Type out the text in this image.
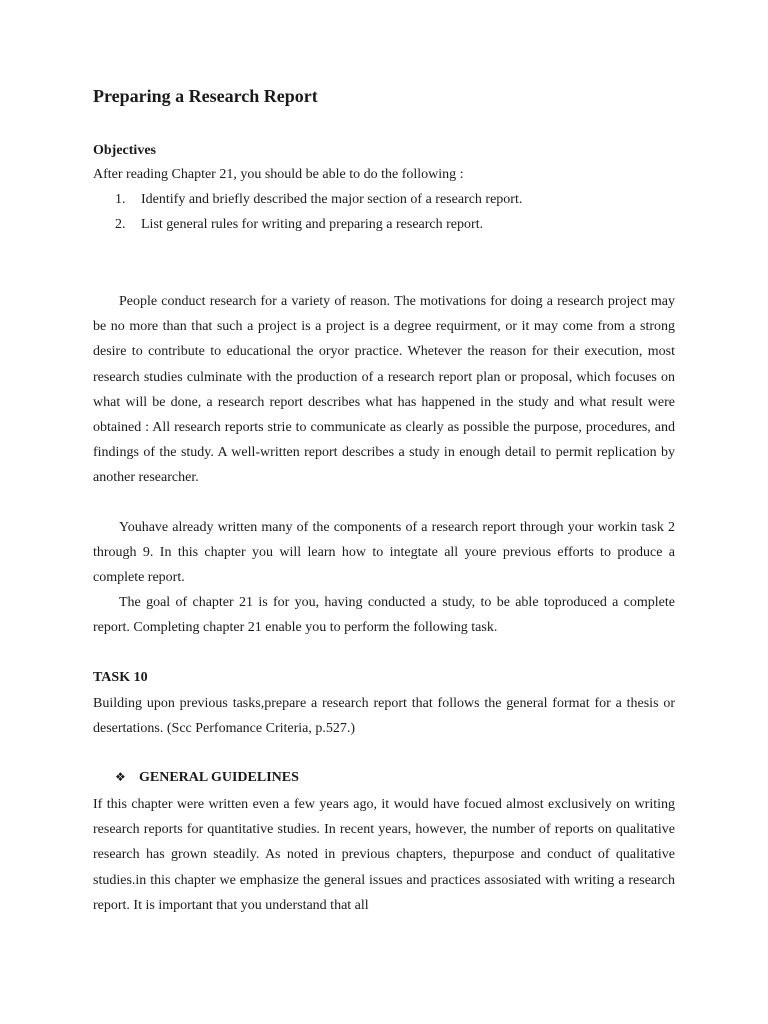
Preparing a Research Report
Objectives
After reading Chapter 21, you should be able to do the following :
1. Identify and briefly described the major section of a research report.
2. List general rules for writing and preparing a research report.

People conduct research for a variety of reason. The motivations for doing a research project may be no more than that such a project is a project is a degree requirment, or it may come from a strong desire to contribute to educational the oryor practice. Whetever the reason for their execution, most research studies culminate with the production of a research report plan or proposal, which focuses on what will be done, a research report describes what has happened in the study and what result were obtained : All research reports strie to communicate as clearly as possible the purpose, procedures, and findings of the study. A well-written report describes a study in enough detail to permit replication by another researcher.

Youhave already written many of the components of a research report through your workin task 2 through 9. In this chapter you will learn how to integtate all youre previous efforts to produce a complete report.

The goal of chapter 21 is for you, having conducted a study, to be able toproduced a complete report. Completing chapter 21 enable you to perform the following task.

TASK 10

Building upon previous tasks,prepare a research report that follows the general format for a thesis or desertations. (Scc Perfomance Criteria, p.527.)

❖ GENERAL GUIDELINES

If this chapter were written even a few years ago, it would have focued almost exclusively on writing research reports for quantitative studies. In recent years, however, the number of reports on qualitative research has grown steadily. As noted in previous chapters, thepurpose and conduct of qualitative studies.in this chapter we emphasize the general issues and practices assosiated with writing a research report. It is important that you understand that all
